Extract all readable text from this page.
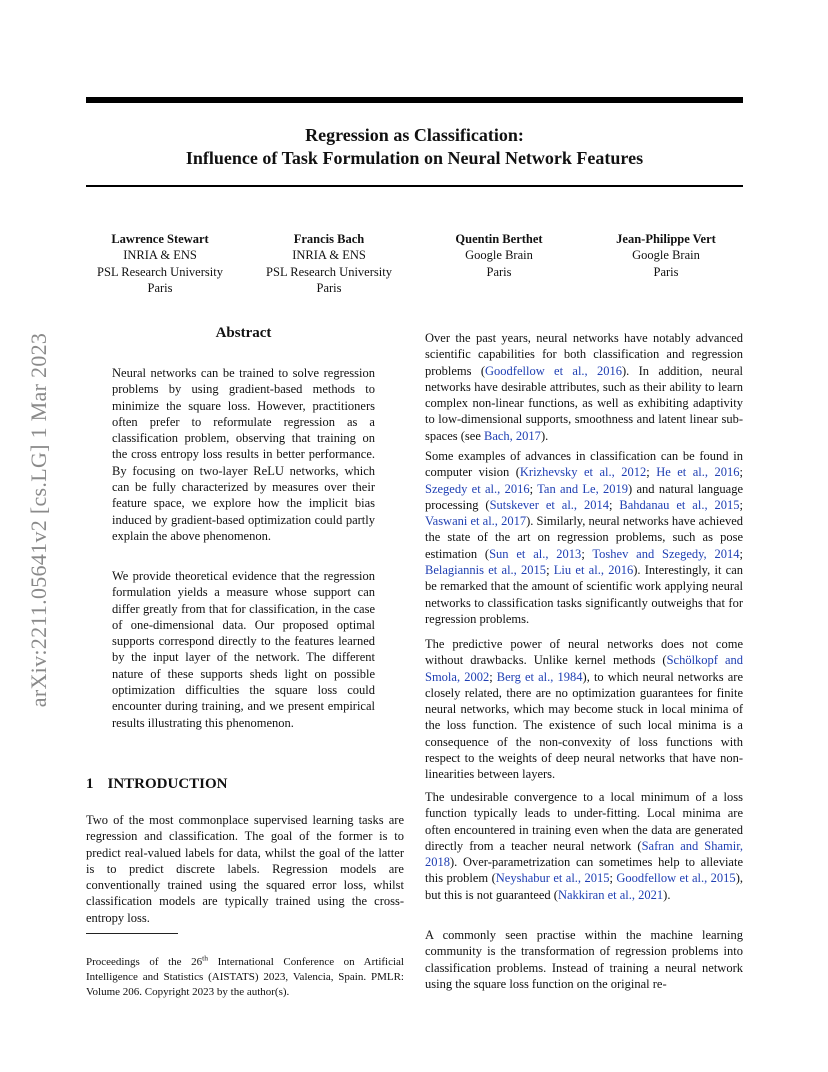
arXiv:2211.05641v2 [cs.LG] 1 Mar 2023
Regression as Classification:
Influence of Task Formulation on Neural Network Features
Lawrence Stewart
INRIA & ENS
PSL Research University
Paris
Francis Bach
INRIA & ENS
PSL Research University
Paris
Quentin Berthet
Google Brain
Paris
Jean-Philippe Vert
Google Brain
Paris
Abstract

Neural networks can be trained to solve regression problems by using gradient-based methods to minimize the square loss. However, practitioners often prefer to reformulate regression as a classification problem, observing that training on the cross entropy loss results in better performance. By focusing on two-layer ReLU networks, which can be fully characterized by measures over their feature space, we explore how the implicit bias induced by gradient-based optimization could partly explain the above phenomenon.

We provide theoretical evidence that the regression formulation yields a measure whose support can differ greatly from that for classification, in the case of one-dimensional data. Our proposed optimal supports correspond directly to the features learned by the input layer of the network. The different nature of these supports sheds light on possible optimization difficulties the square loss could encounter during training, and we present empirical results illustrating this phenomenon.

1 INTRODUCTION

Two of the most commonplace supervised learning tasks are regression and classification. The goal of the former is to predict real-valued labels for data, whilst the goal of the latter is to predict discrete labels. Regression models are conventionally trained using the squared error loss, whilst classification models are typically trained using the cross-entropy loss.

Proceedings of the 26th International Conference on Artificial Intelligence and Statistics (AISTATS) 2023, Valencia, Spain. PMLR: Volume 206. Copyright 2023 by the author(s).

Over the past years, neural networks have notably advanced scientific capabilities for both classification and regression problems (Goodfellow et al., 2016). In addition, neural networks have desirable attributes, such as their ability to learn complex non-linear functions, as well as exhibiting adaptivity to low-dimensional supports, smoothness and latent linear sub-spaces (see Bach, 2017).

Some examples of advances in classification can be found in computer vision (Krizhevsky et al., 2012; He et al., 2016; Szegedy et al., 2016; Tan and Le, 2019) and natural language processing (Sutskever et al., 2014; Bahdanau et al., 2015; Vaswani et al., 2017). Similarly, neural networks have achieved the state of the art on regression problems, such as pose estimation (Sun et al., 2013; Toshev and Szegedy, 2014; Belagiannis et al., 2015; Liu et al., 2016). Interestingly, it can be remarked that the amount of scientific work applying neural networks to classification tasks significantly outweighs that for regression problems.

The predictive power of neural networks does not come without drawbacks. Unlike kernel methods (Schölkopf and Smola, 2002; Berg et al., 1984), to which neural networks are closely related, there are no optimization guarantees for finite neural networks, which may become stuck in local minima of the loss function. The existence of such local minima is a consequence of the non-convexity of loss functions with respect to the weights of deep neural networks that have non-linearities between layers.

The undesirable convergence to a local minimum of a loss function typically leads to under-fitting. Local minima are often encountered in training even when the data are generated directly from a teacher neural network (Safran and Shamir, 2018). Over-parametrization can sometimes help to alleviate this problem (Neyshabur et al., 2015; Goodfellow et al., 2015), but this is not guaranteed (Nakkiran et al., 2021).

A commonly seen practise within the machine learning community is the transformation of regression problems into classification problems. Instead of training a neural network using the square loss function on the original re-
